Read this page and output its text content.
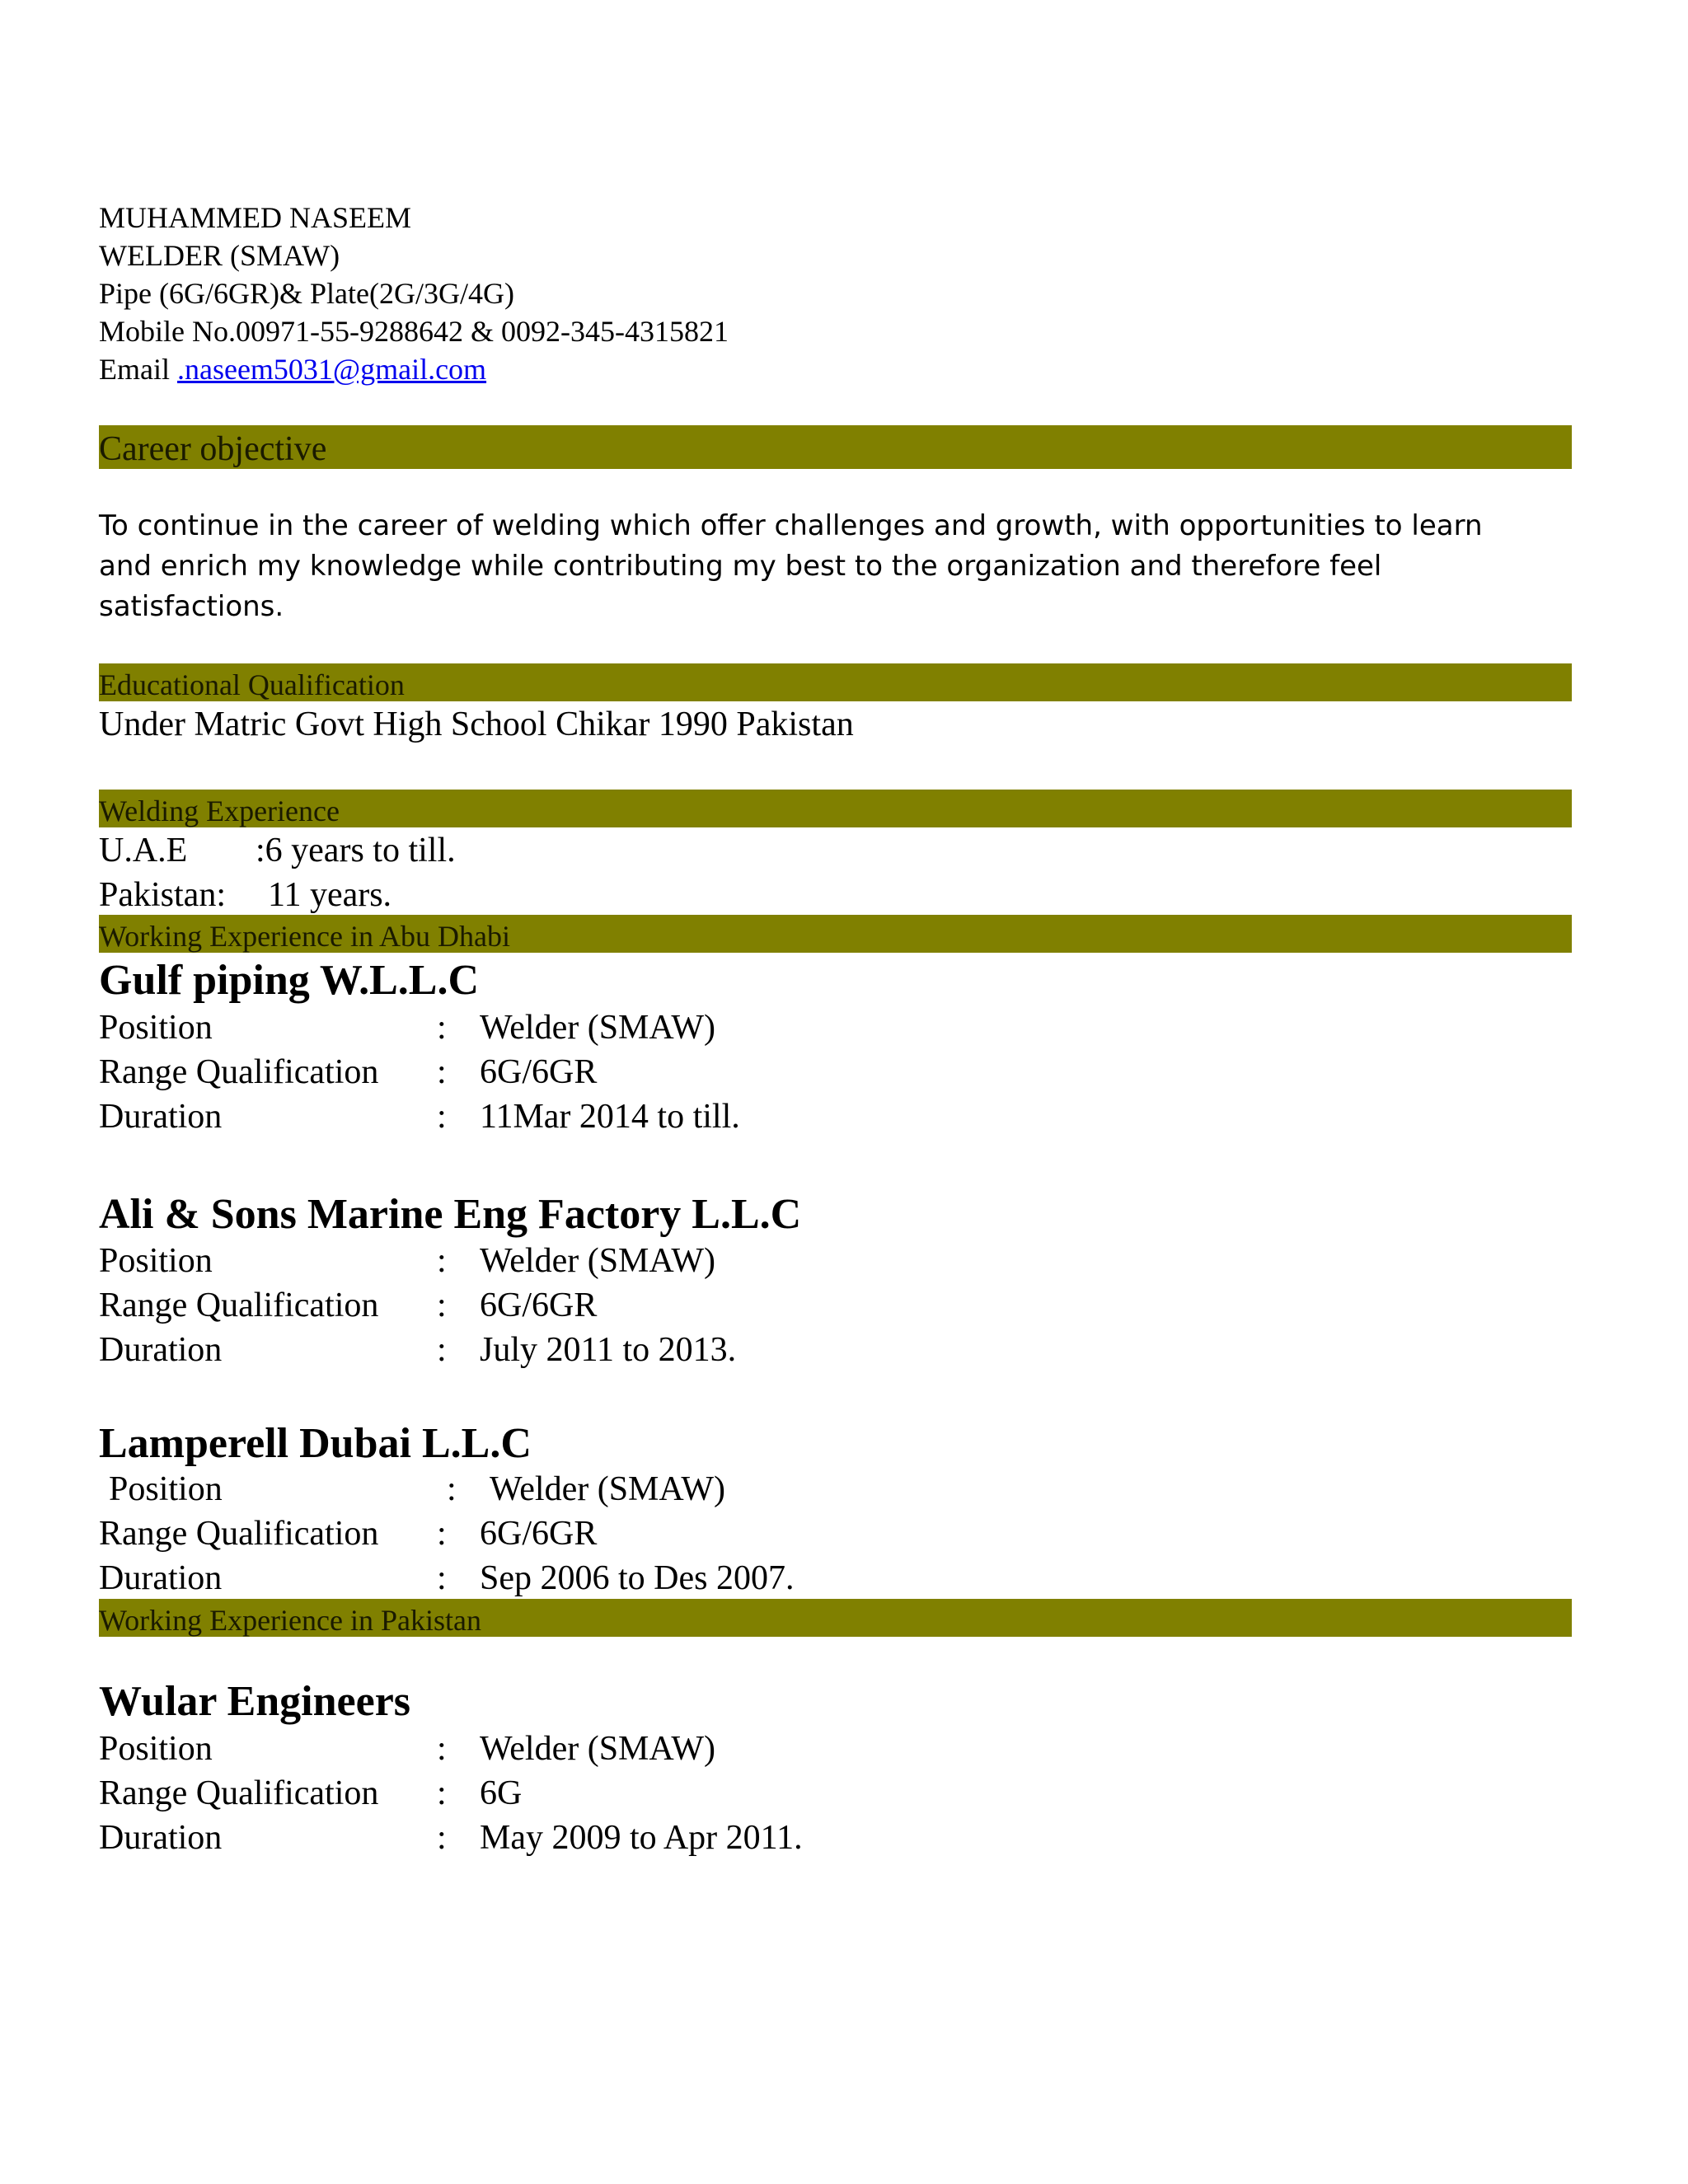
MUHAMMED NASEEM
WELDER (SMAW)
Pipe (6G/6GR)& Plate(2G/3G/4G)
Mobile No.00971-55-9288642 & 0092-345-4315821
Email .naseem5031@gmail.com
Career objective
To continue in the career of welding which offer challenges and growth, with opportunities to learn
and enrich my knowledge while contributing my best to the organization and therefore feel
satisfactions.
Educational Qualification
Under Matric Govt High School Chikar 1990 Pakistan
Welding Experience
U.A.E :6 years to till.
Pakistan: 11 years.
Working Experience in Abu Dhabi
Gulf piping W.L.L.C
Position	: Welder (SMAW)
Range Qualification : 6G/6GR
Duration	: 11Mar 2014 to till.
Ali & Sons Marine Eng Factory L.L.C
Position	: Welder (SMAW)
Range Qualification : 6G/6GR
Duration	: July 2011 to 2013.
Lamperell Dubai L.L.C
Position	: Welder (SMAW)
Range Qualification : 6G/6GR
Duration	: Sep 2006 to Des 2007.
Working Experience in Pakistan
Wular Engineers
Position	: Welder (SMAW)
Range Qualification : 6G
Duration	: May 2009 to Apr 2011.
